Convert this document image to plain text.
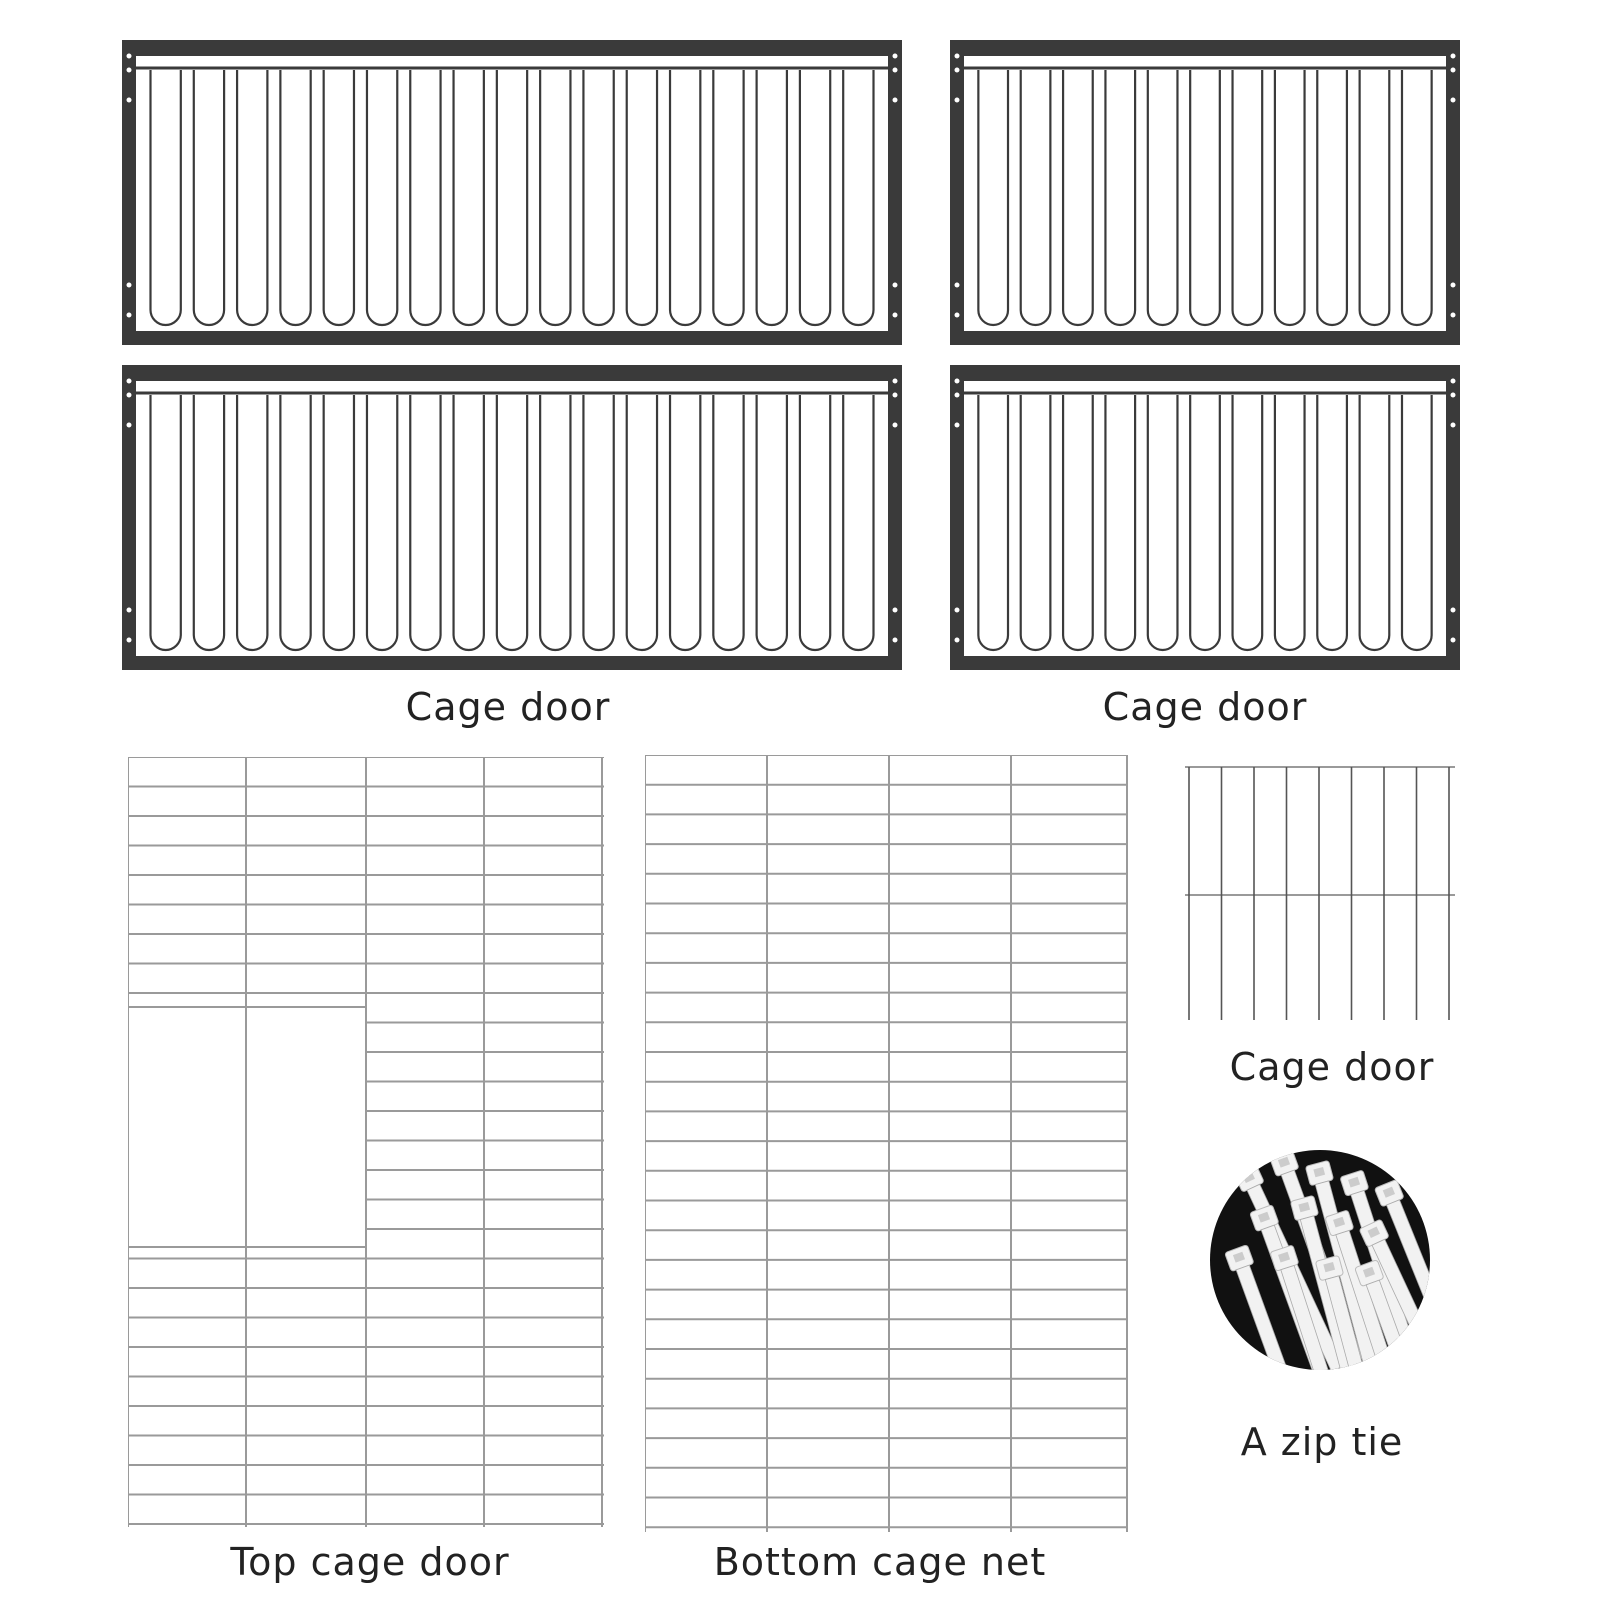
Cage door	Cage door
Cage door
A zip tie
Top cage door	Bottom cage net
